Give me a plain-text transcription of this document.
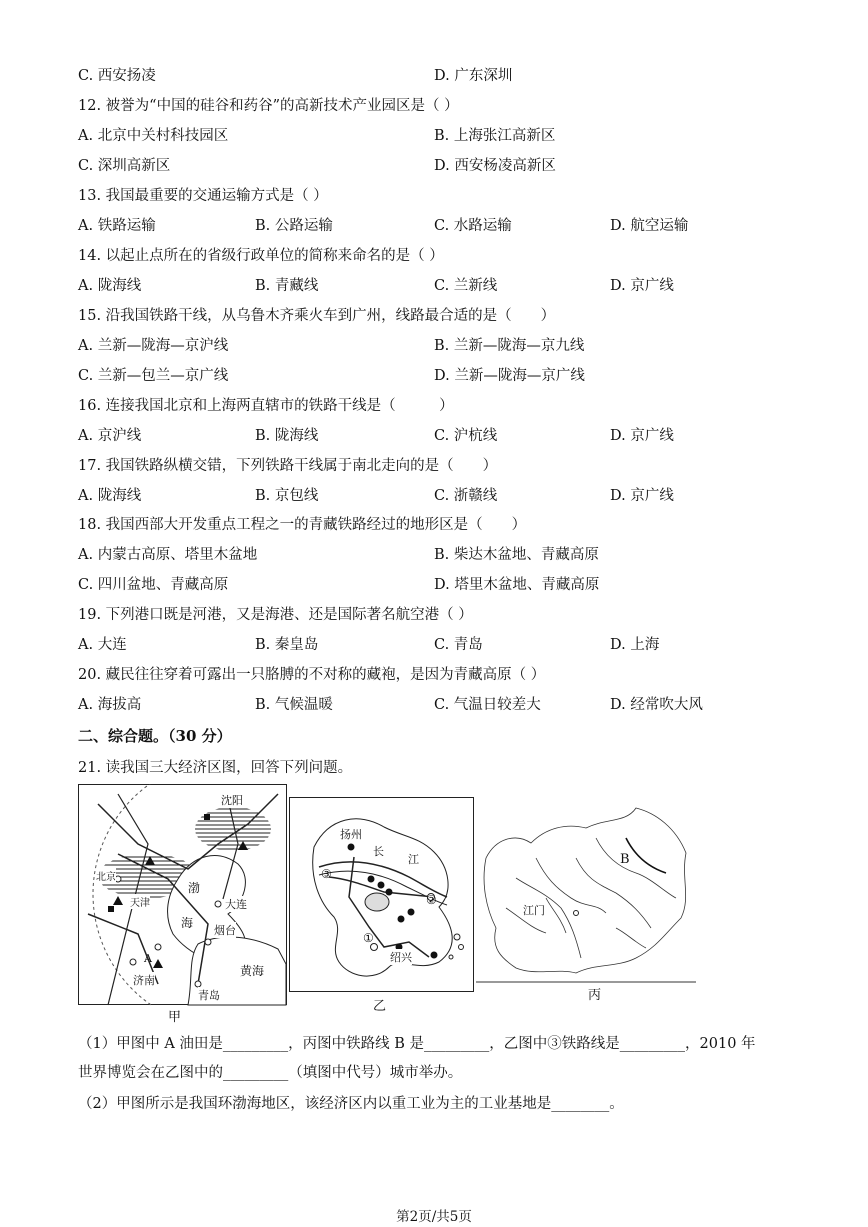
C. 西安扬凌	D. 广东深圳
12. 被誉为“中国的硅谷和药谷”的高新技术产业园区是（ ）
A. 北京中关村科技园区	B. 上海张江高新区
C. 深圳高新区	D. 西安杨凌高新区
13. 我国最重要的交通运输方式是（ ）
A. 铁路运输	B. 公路运输	C. 水路运输	D. 航空运输
14. 以起止点所在的省级行政单位的简称来命名的是（ ）
A. 陇海线	B. 青藏线	C. 兰新线	D. 京广线
15. 沿我国铁路干线，从乌鲁木齐乘火车到广州，线路最合适的是（　　）
A. 兰新—陇海—京沪线	B. 兰新—陇海—京九线
C. 兰新—包兰—京广线	D. 兰新—陇海—京广线
16. 连接我国北京和上海两直辖市的铁路干线是（　　　）
A. 京沪线	B. 陇海线	C. 沪杭线	D. 京广线
17. 我国铁路纵横交错，下列铁路干线属于南北走向的是（　　）
A. 陇海线	B. 京包线	C. 浙赣线	D. 京广线
18. 我国西部大开发重点工程之一的青藏铁路经过的地形区是（　　）
A. 内蒙古高原、塔里木盆地	B. 柴达木盆地、青藏高原
C. 四川盆地、青藏高原	D. 塔里木盆地、青藏高原
19. 下列港口既是河港，又是海港、还是国际著名航空港（ ）
A. 大连	B. 秦皇岛	C. 青岛	D. 上海
20. 藏民往往穿着可露出一只胳膊的不对称的藏袍，是因为青藏高原（ ）
A. 海拔高	B. 气候温暖	C. 气温日较差大	D. 经常吹大风
二、综合题。（30 分）
21. 读我国三大经济区图，回答下列问题。
沈阳
渤
海
大连
烟台
黄海
济南
青岛
A
北京
天津
甲
扬州
长
江
③
②
①
绍兴
乙
B
江门
丙
（1）甲图中 A 油田是_________，丙图中铁路线 B 是_________，乙图中③铁路线是_________，2010 年
世界博览会在乙图中的_________（填图中代号）城市举办。
（2）甲图所示是我国环渤海地区，该经济区内以重工业为主的工业基地是________。
第2页/共5页
